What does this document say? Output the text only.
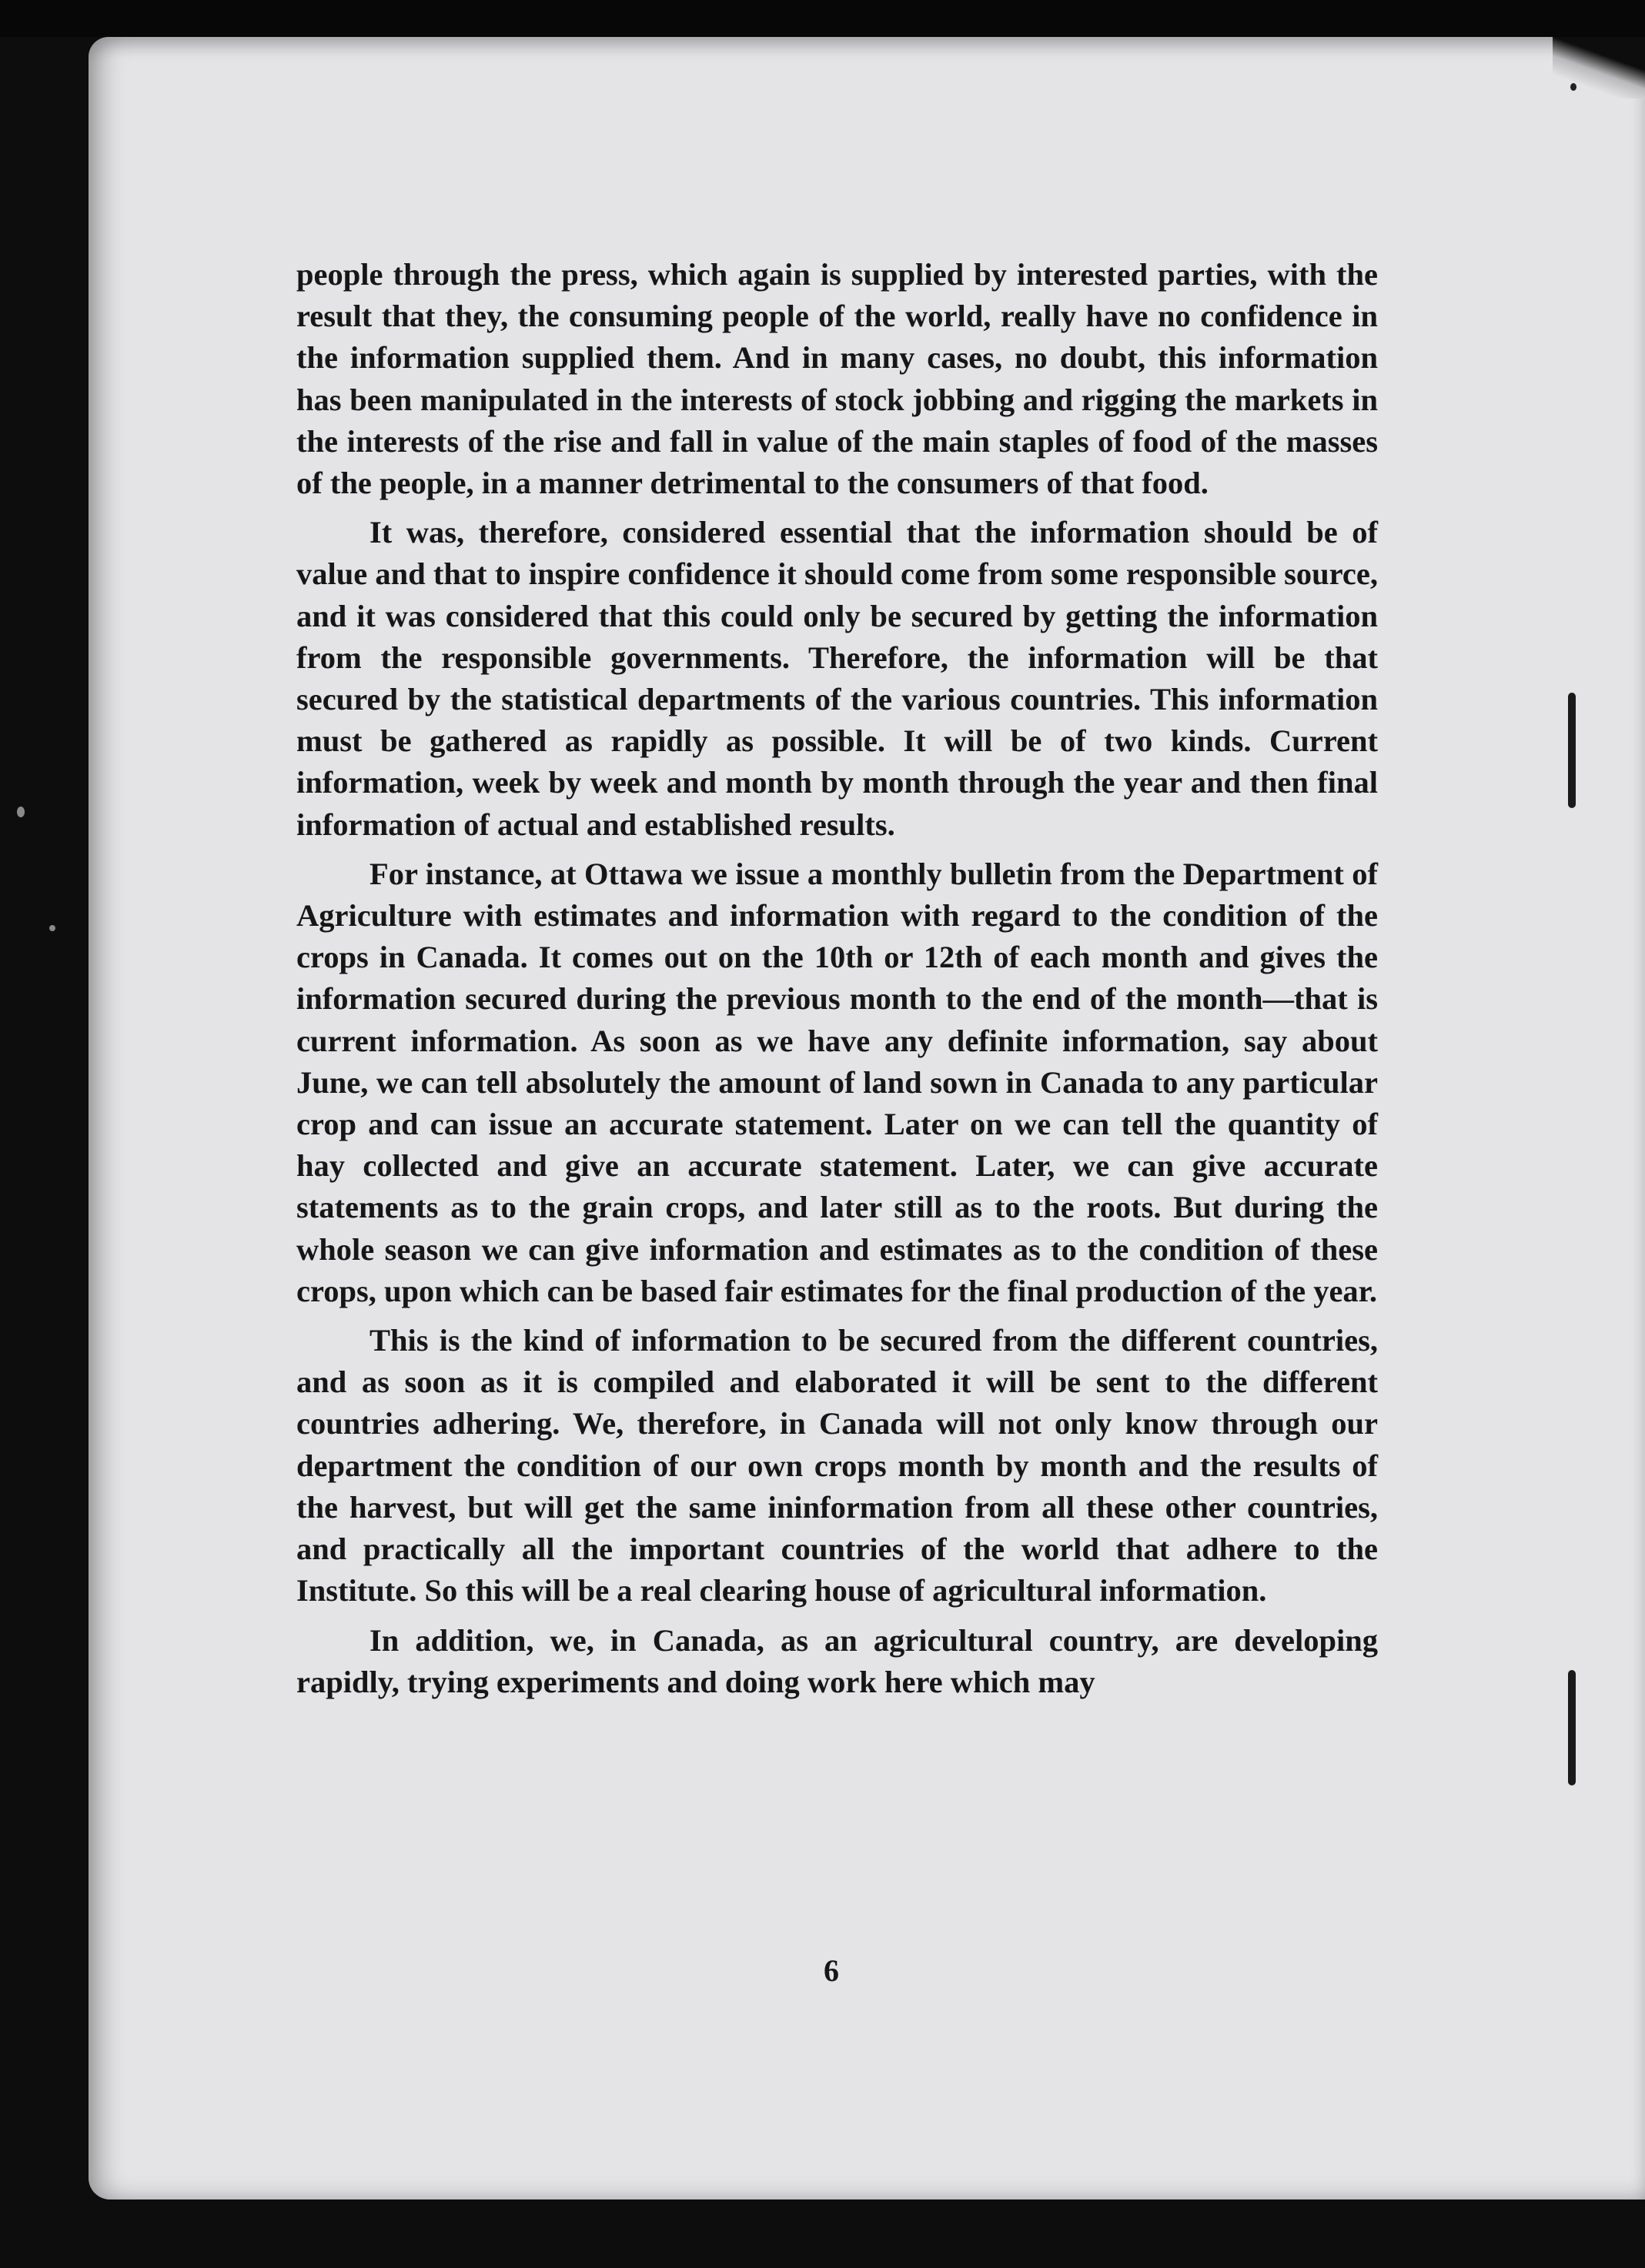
people through the press, which again is supplied by interested parties, with the result that they, the consuming people of the world, really have no confidence in the information supplied them. And in many cases, no doubt, this information has been manipulated in the interests of stock jobbing and rigging the markets in the interests of the rise and fall in value of the main staples of food of the masses of the people, in a manner detrimental to the consumers of that food.

It was, therefore, considered essential that the information should be of value and that to inspire confidence it should come from some responsible source, and it was considered that this could only be secured by getting the information from the responsible governments. Therefore, the information will be that secured by the statistical departments of the various countries. This information must be gathered as rapidly as possible. It will be of two kinds. Current information, week by week and month by month through the year and then final information of actual and established results.

For instance, at Ottawa we issue a monthly bulletin from the Department of Agriculture with estimates and information with regard to the condition of the crops in Canada. It comes out on the 10th or 12th of each month and gives the information secured during the previous month to the end of the month—that is current information. As soon as we have any definite information, say about June, we can tell absolutely the amount of land sown in Canada to any particular crop and can issue an accurate statement. Later on we can tell the quantity of hay collected and give an accurate statement. Later, we can give accurate statements as to the grain crops, and later still as to the roots. But during the whole season we can give information and estimates as to the condition of these crops, upon which can be based fair estimates for the final production of the year.

This is the kind of information to be secured from the different countries, and as soon as it is compiled and elaborated it will be sent to the different countries adhering. We, therefore, in Canada will not only know through our department the condition of our own crops month by month and the results of the harvest, but will get the same ininformation from all these other countries, and practically all the important countries of the world that adhere to the Institute. So this will be a real clearing house of agricultural information.

In addition, we, in Canada, as an agricultural country, are developing rapidly, trying experiments and doing work here which may

6
